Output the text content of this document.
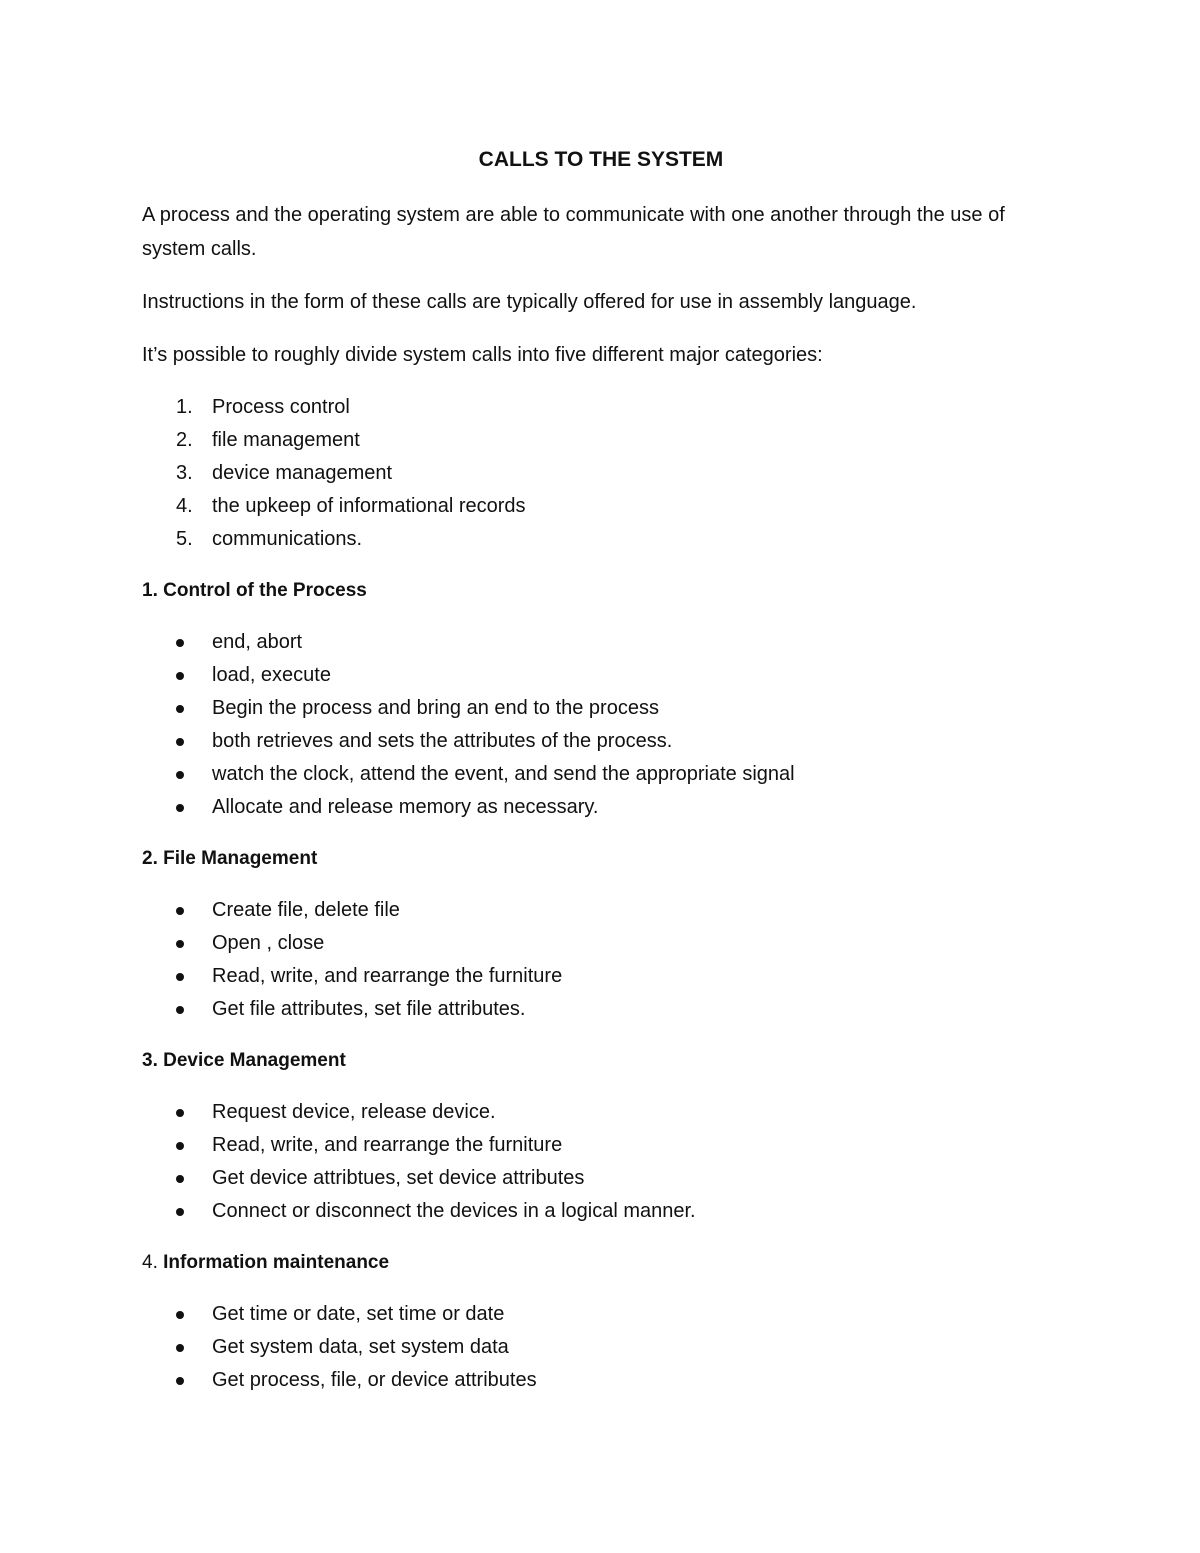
CALLS TO THE SYSTEM

A process and the operating system are able to communicate with one another through the use of system calls.

Instructions in the form of these calls are typically offered for use in assembly language.

It’s possible to roughly divide system calls into five different major categories:

1. Process control
2. file management
3. device management
4. the upkeep of informational records
5. communications.
1. Control of the Process
end, abort
load, execute
Begin the process and bring an end to the process
both retrieves and sets the attributes of the process.
watch the clock, attend the event, and send the appropriate signal
Allocate and release memory as necessary.
2. File Management
Create file, delete file
Open , close
Read, write, and rearrange the furniture
Get file attributes, set file attributes.
3. Device Management
Request device, release device.
Read, write, and rearrange the furniture
Get device attribtues, set device attributes
Connect or disconnect the devices in a logical manner.
4. Information maintenance
Get time or date, set time or date
Get system data, set system data
Get process, file, or device attributes
